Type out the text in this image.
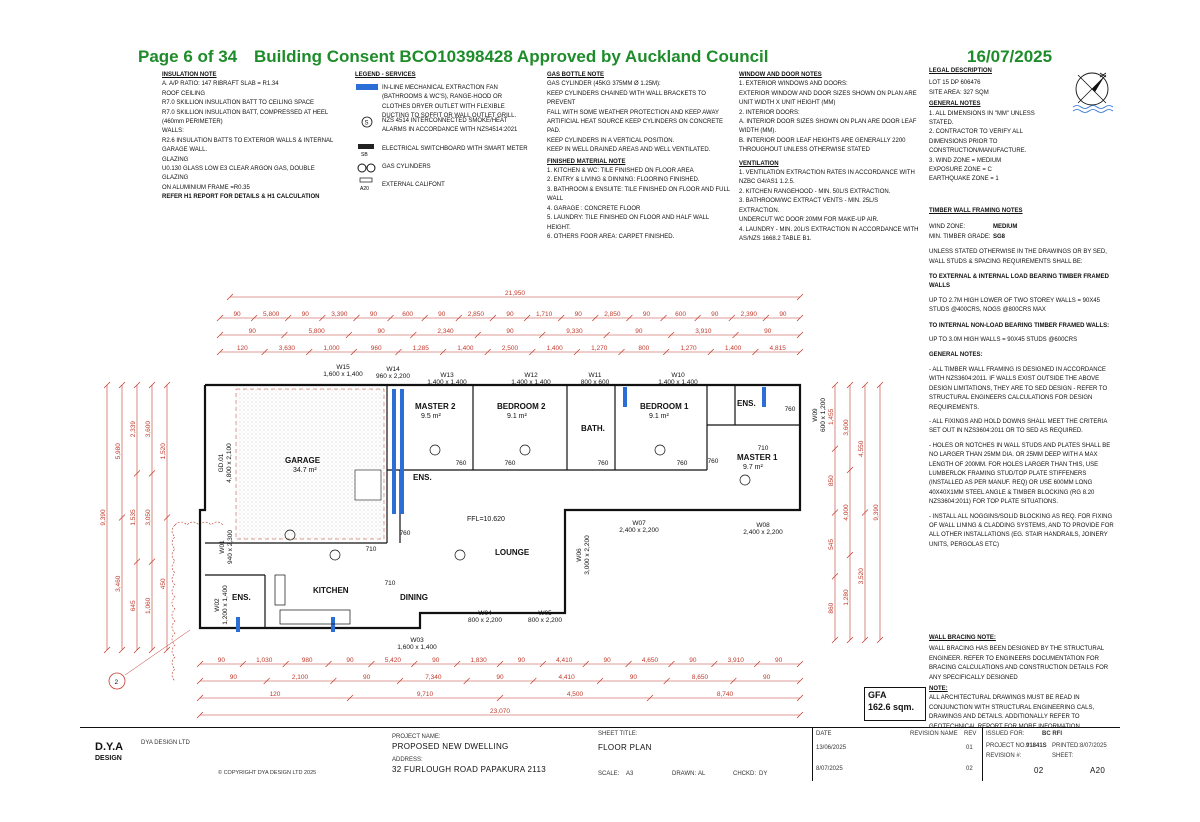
Page 6 of 34 Building Consent BCO10398428 Approved by Auckland Council	16/07/2025

INSULATION NOTE

A. A/P RATIO: 147 RIBRAFT SLAB = R1.34

ROOF CEILING

R7.0 SKILLION INSULATION BATT TO CEILING SPACE

R7.0 SKILLION INSULATION BATT, COMPRESSED AT HEEL

(460mm PERIMETER)

WALLS:

R2.6 INSULATION BATTS TO EXTERIOR WALLS & INTERNAL

GARAGE WALL.

GLAZING

U0.130 GLASS LOW E3 CLEAR ARGON GAS, DOUBLE GLAZING

ON ALUMINIUM FRAME =R0.35

REFER H1 REPORT FOR DETAILS & H1 CALCULATION

LEGEND - SERVICES

S
SB
A20
IN-LINE MECHANICAL EXTRACTION FAN (BATHROOMS & WC'S), RANGE-HOOD OR CLOTHES DRYER OUTLET WITH FLEXIBLE DUCTING TO SOFFIT OR WALL OUTLET GRILL.
NZS 4514 INTERCONNECTED SMOKE/HEAT ALARMS IN ACCORDANCE WITH NZS4514:2021
ELECTRICAL SWITCHBOARD WITH SMART METER
GAS CYLINDERS
EXTERNAL CALIFONT

GAS BOTTLE NOTE

GAS CYLINDER (45KG 375MM Ø 1.25M):

KEEP CYLINDERS CHAINED WITH WALL BRACKETS TO PREVENT

FALL WITH SOME WEATHER PROTECTION AND KEEP AWAY

ARTIFICIAL HEAT SOURCE KEEP CYLINDERS ON CONCRETE PAD.

KEEP CYLINDERS IN A VERTICAL POSITION.

KEEP IN WELL DRAINED AREAS AND WELL VENTILATED.

FINISHED MATERIAL NOTE

1. KITCHEN & WC: TILE FINISHED ON FLOOR AREA

2. ENTRY & LIVING & DINNING: FLOORING FINISHED.

3. BATHROOM & ENSUITE: TILE FINISHED ON FLOOR AND FULL WALL

4. GARAGE : CONCRETE FLOOR

5. LAUNDRY: TILE FINISHED ON FLOOR AND HALF WALL HEIGHT.

6. OTHERS FOOR AREA: CARPET FINISHED.

WINDOW AND DOOR NOTES

1. EXTERIOR WINDOWS AND DOORS:

EXTERIOR WINDOW AND DOOR SIZES SHOWN ON PLAN ARE

UNIT WIDTH X UNIT HEIGHT (MM)

2. INTERIOR DOORS:

A. INTERIOR DOOR SIZES SHOWN ON PLAN ARE DOOR LEAF

WIDTH (MM).

B. INTERIOR DOOR LEAF HEIGHTS ARE GENERALLY 2200

THROUGHOUT UNLESS OTHERWISE STATED

VENTILATION

1. VENTILATION EXTRACTION RATES IN ACCORDANCE WITH

NZBC G4/AS1 1.2.5.

2. KITCHEN RANGEHOOD - MIN. 50L/S EXTRACTION.

3. BATHROOM/WC EXTRACT VENTS - MIN. 25L/S EXTRACTION.

UNDERCUT WC DOOR 20MM FOR MAKE-UP AIR.

4. LAUNDRY - MIN. 20L/S EXTRACTION IN ACCORDANCE WITH

AS/NZS 1668.2 TABLE B1.

LEGAL DESCRIPTION

LOT 15 DP 606476

SITE AREA: 327 SQM

GENERAL NOTES

1. ALL DIMENSIONS IN "MM" UNLESS STATED.

2. CONTRACTOR TO VERIFY ALL DIMENSIONS PRIOR TO

CONSTRUCTION/MANUFACTURE.

3. WIND ZONE = MEDIUM

EXPOSURE ZONE = C

EARTHQUAKE ZONE = 1

TIMBER WALL FRAMING NOTES

WIND ZONE:	MEDIUM

MIN. TIMBER GRADE: SG8

UNLESS STATED OTHERWISE IN THE DRAWINGS OR BY SED, WALL STUDS & SPACING REQUIREMENTS SHALL BE:

TO EXTERNAL & INTERNAL LOAD BEARING TIMBER FRAMED WALLS

UP TO 2.7M HIGH LOWER OF TWO STOREY WALLS = 90X45 STUDS @400CRS, NOGS @800CRS MAX

TO INTERNAL NON-LOAD BEARING TIMBER FRAMED WALLS:

UP TO 3.0M HIGH WALLS = 90X45 STUDS @600CRS

GENERAL NOTES:

- ALL TIMBER WALL FRAMING IS DESIGNED IN ACCORDANCE WITH NZS3604:2011. IF WALLS EXIST OUTSIDE THE ABOVE DESIGN LIMITATIONS, THEY ARE TO SED DESIGN - REFER TO STRUCTURAL ENGINEERS CALCULATIONS FOR DESIGN REQUIREMENTS.

- ALL FIXINGS AND HOLD DOWNS SHALL MEET THE CRITERIA SET OUT IN NZS3604:2011 OR TO SED AS REQUIRED.

- HOLES OR NOTCHES IN WALL STUDS AND PLATES SHALL BE NO LARGER THAN 25MM DIA. OR 25MM DEEP WITH A MAX LENGTH OF 200MM. FOR HOLES LARGER THAN THIS, USE LUMBERLOK FRAMING STUD/TOP PLATE STIFFENERS (INSTALLED AS PER MANUF. REQ) OR USE 600MM LONG 40X40X1MM STEEL ANGLE & TIMBER BLOCKING (RG 8.20 NZS3604:2011) FOR TOP PLATE SITUATIONS.

- INSTALL ALL NOGGINS/SOLID BLOCKING AS REQ. FOR FIXING OF WALL LINING & CLADDING SYSTEMS, AND TO PROVIDE FOR ALL OTHER INSTALLATIONS (EG. STAIR HANDRAILS, JOINERY UNITS, PERGOLAS ETC)

WALL BRACING NOTE:

WALL BRACING HAS BEEN DESIGNED BY THE STRUCTURAL ENGINEER. REFER TO ENGINEERS DOCUMENTATION FOR BRACING CALCULATIONS AND CONSTRUCTION DETAILS FOR ANY SPECIFICALLY DESIGNED

NOTE:

ALL ARCHITECTURAL DRAWINGS MUST BE READ IN CONJUNCTION WITH STRUCTURAL ENGINEERING CALS, DRAWINGS AND DETAILS. ADDITIONALLY REFER TO GEOTECHNICAL REPORT FOR MORE INFORMATION.

GFA
162.6 sqm.
21,950
90	5,800	90	3,390	90	600	90	2,850	90	1,710	90	2,850	90	600	90	2,390	90
90	5,800	90	2,340	90	9,330	90	3,910	90
120	3,630	1,000	960	1,285	1,400	2,500	1,400	1,270	800	1,270	1,400	4,815
90	1,030	980	90	5,420	90	1,830	90	4,410	90	4,650	90	3,910	90
90	2,100	90	7,340	90	4,410	90	8,650	90
120	9,710	4,500	8,740
23,070
9,390
5,980
3,460
2,339
1,535
645
3,600
3,050
1,060
1,520
450
9,390
4,550
3,520
3,600
4,000
1,280
1,455
850
545
860
GARAGE
34.7 m²
MASTER 2
9.5 m²
BEDROOM 2
9.1 m²
BATH.
BEDROOM 1
9.1 m²
ENS.
MASTER 1
9.7 m²
LOUNGE
KITCHEN
DINING
ENS.
ENS.
FFL=10.620
W15
1,600 x 1,400
W14
960 x 2,200	W13
1,400 x 1,400
W12
1,400 x 1,400
W11
800 x 600
W10
1,400 x 1,400
W09 600 x 1,200
W08
2,400 x 2,200
W07
2,400 x 2,200
W06 3,000 x 2,200
W05
800 x 2,200
W04
800 x 2,200
W03
1,600 x 1,400
W02 1,200 x 1,400
W01 940 x 2,300
GD.01 4,800 x 2,100	760	760	760	760	760
760
710
710
760
710
2
D.Y.A
DESIGN
DYA DESIGN LTD
© COPYRIGHT DYA DESIGN LTD 2025
PROJECT NAME:
PROPOSED NEW DWELLING
ADDRESS:
32 FURLOUGH ROAD PAPAKURA 2113
SHEET TITLE:
FLOOR PLAN
SCALE: A3	DRAWN: AL	CHCKD: DY
DATE	REVISION NAME REV
13/06/2025	01
8/07/2025	02
ISSUED FOR:	BC RFI
PROJECT NO.:
91841S PRINTED: 8/07/2025
REVISION #:	SHEET:
02	A20
